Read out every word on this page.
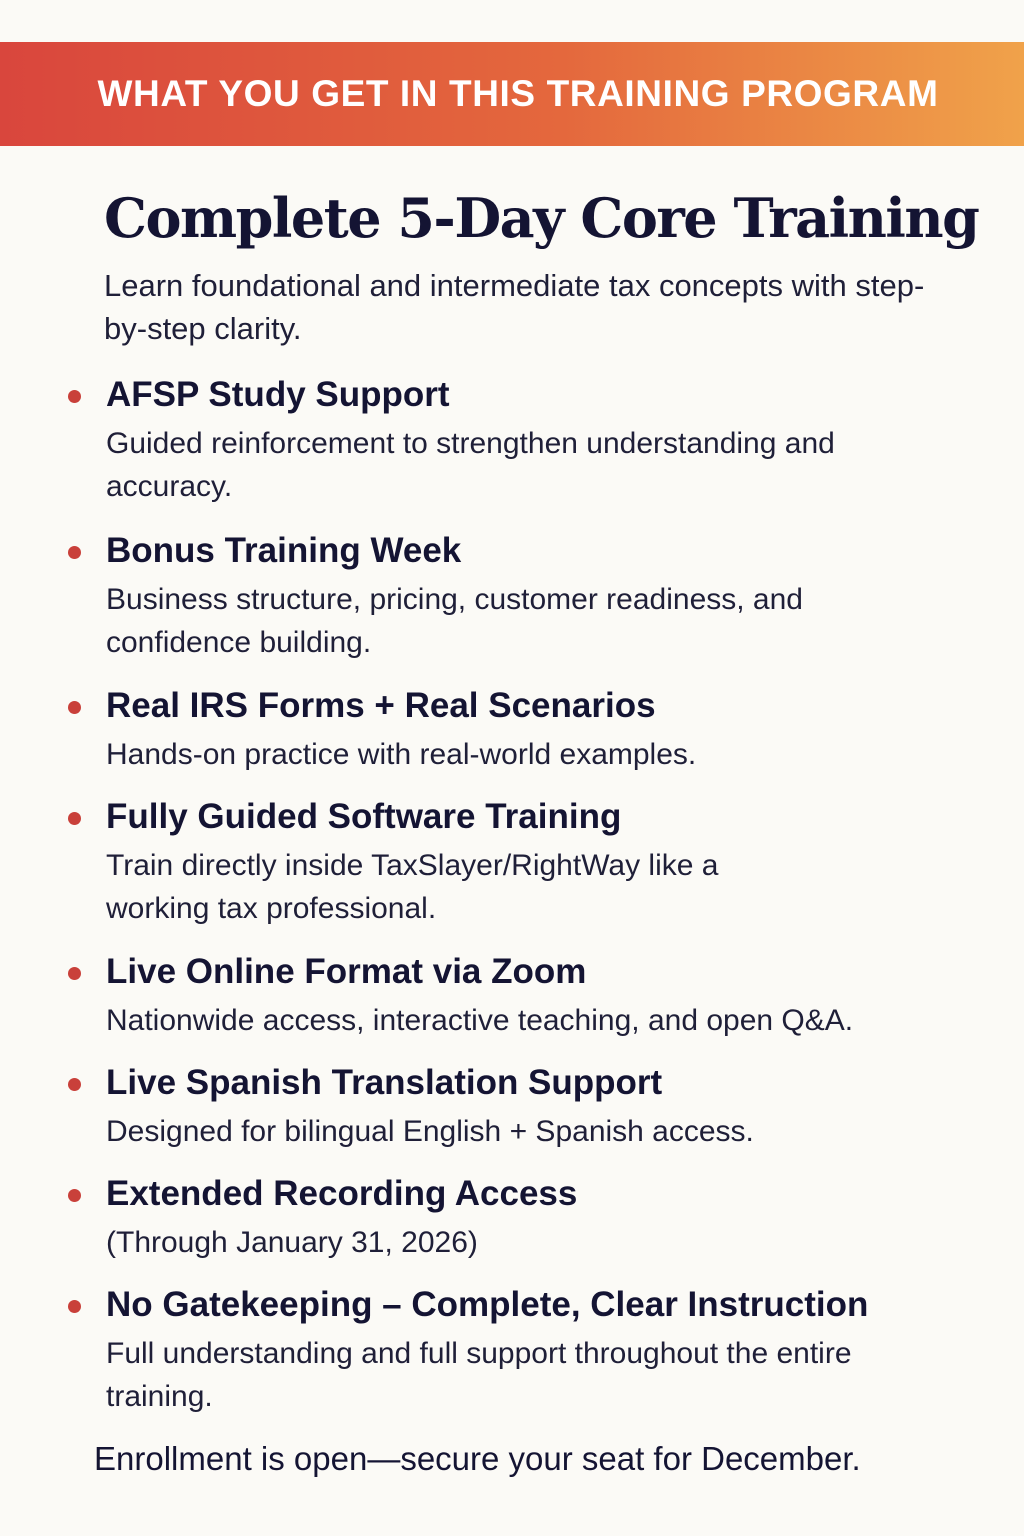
WHAT YOU GET IN THIS TRAINING PROGRAM
Complete 5-Day Core Training
Learn foundational and intermediate tax concepts with step-by-step clarity.
AFSP Study Support
Guided reinforcement to strengthen understanding and accuracy.
Bonus Training Week
Business structure, pricing, customer readiness, and confidence building.
Real IRS Forms + Real Scenarios
Hands-on practice with real-world examples.
Fully Guided Software Training
Train directly inside TaxSlayer/RightWay like a working tax professional.
Live Online Format via Zoom
Nationwide access, interactive teaching, and open Q&A.
Live Spanish Translation Support
Designed for bilingual English + Spanish access.
Extended Recording Access
(Through January 31, 2026)
No Gatekeeping – Complete, Clear Instruction
Full understanding and full support throughout the entire training.
Enrollment is open—secure your seat for December.
